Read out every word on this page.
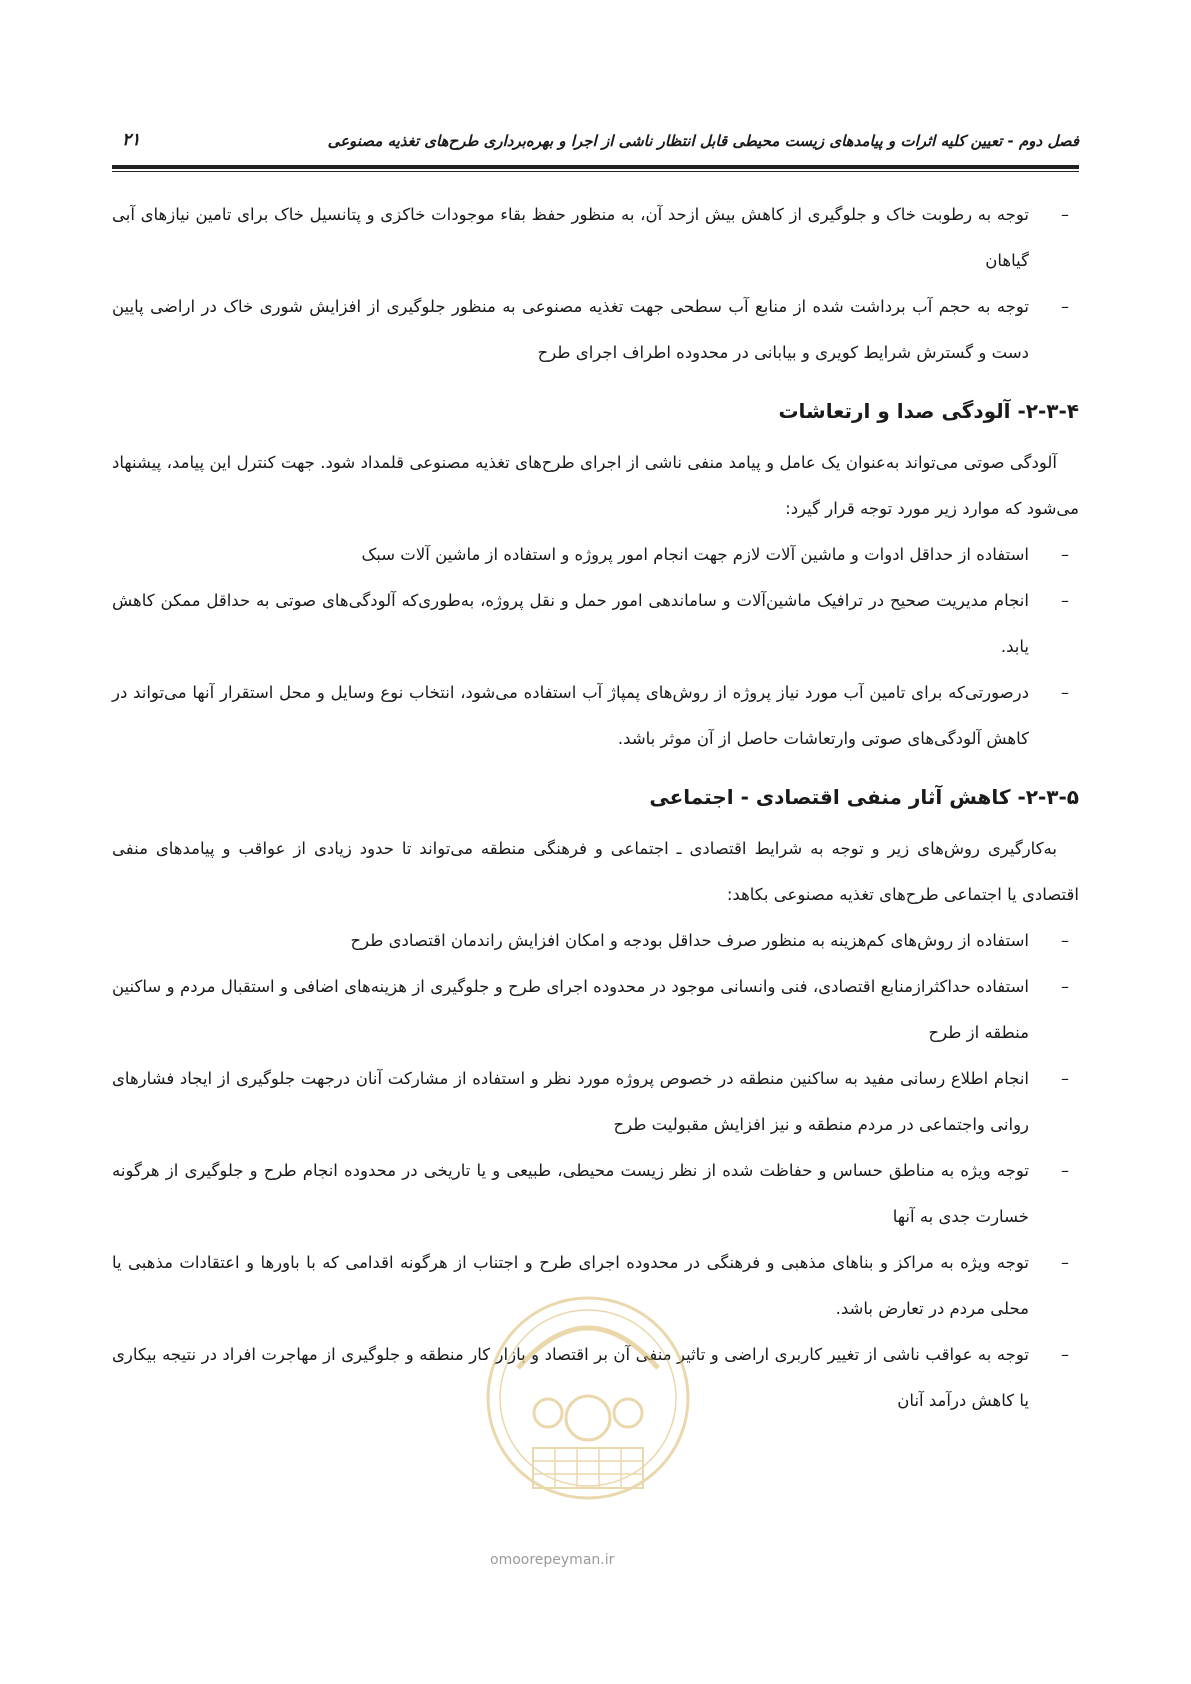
فصل دوم - تعیین کلیه اثرات و پیامدهای زیست محیطی قابل انتظار ناشی از اجرا و بهره‌برداری طرح‌های تغذیه مصنوعی
۲۱

– توجه به رطوبت خاک و جلوگیری از کاهش بیش ازحد آن، به منظور حفظ بقاء موجودات خاکزی و پتانسیل خاک برای تامین نیازهای آبی گیاهان

– توجه به حجم آب برداشت شده از منابع آب سطحی جهت تغذیه مصنوعی به منظور جلوگیری از افزایش شوری خاک در اراضی پایین دست و گسترش شرایط کویری و بیابانی در محدوده اطراف اجرای طرح

۲-۳-۴- آلودگی صدا و ارتعاشات

آلودگی صوتی می‌تواند به‌عنوان یک عامل و پیامد منفی ناشی از اجرای طرح‌های تغذیه مصنوعی قلمداد شود. جهت کنترل این پیامد، پیشنهاد می‌شود که موارد زیر مورد توجه قرار گیرد:

– استفاده از حداقل ادوات و ماشین آلات لازم جهت انجام امور پروژه و استفاده از ماشین آلات سبک

– انجام مدیریت صحیح در ترافیک ماشین‌آلات و ساماندهی امور حمل و نقل پروژه، به‌طوری‌که آلودگی‌های صوتی به حداقل ممکن کاهش یابد.

– درصورتی‌که برای تامین آب مورد نیاز پروژه از روش‌های پمپاژ آب استفاده می‌شود، انتخاب نوع وسایل و محل استقرار آنها می‌تواند در کاهش آلودگی‌های صوتی وارتعاشات حاصل از آن موثر باشد.

۲-۳-۵- کاهش آثار منفی اقتصادی - اجتماعی

به‌کارگیری روش‌های زیر و توجه به شرایط اقتصادی ـ اجتماعی و فرهنگی منطقه می‌تواند تا حدود زیادی از عواقب و پیامدهای منفی اقتصادی یا اجتماعی طرح‌های تغذیه مصنوعی بکاهد:

– استفاده از روش‌های کم‌هزینه به منظور صرف حداقل بودجه و امکان افزایش راندمان اقتصادی طرح

– استفاده حداکثرازمنابع اقتصادی، فنی وانسانی موجود در محدوده اجرای طرح و جلوگیری از هزینه‌های اضافی و استقبال مردم و ساکنین منطقه از طرح

– انجام اطلاع رسانی مفید به ساکنین منطقه در خصوص پروژه مورد نظر و استفاده از مشارکت آنان درجهت جلوگیری از ایجاد فشارهای روانی واجتماعی در مردم منطقه و نیز افزایش مقبولیت طرح

– توجه ویژه به مناطق حساس و حفاظت شده از نظر زیست محیطی، طبیعی و یا تاریخی در محدوده انجام طرح و جلوگیری از هرگونه خسارت جدی به آنها

– توجه ویژه به مراکز و بناهای مذهبی و فرهنگی در محدوده اجرای طرح و اجتناب از هرگونه اقدامی که با باورها و اعتقادات مذهبی یا محلی مردم در تعارض باشد.

– توجه به عواقب ناشی از تغییر کاربری اراضی و تاثیر منفی آن بر اقتصاد و بازار کار منطقه و جلوگیری از مهاجرت افراد در نتیجه بیکاری یا کاهش درآمد آنان

omoorepeyman.ir
